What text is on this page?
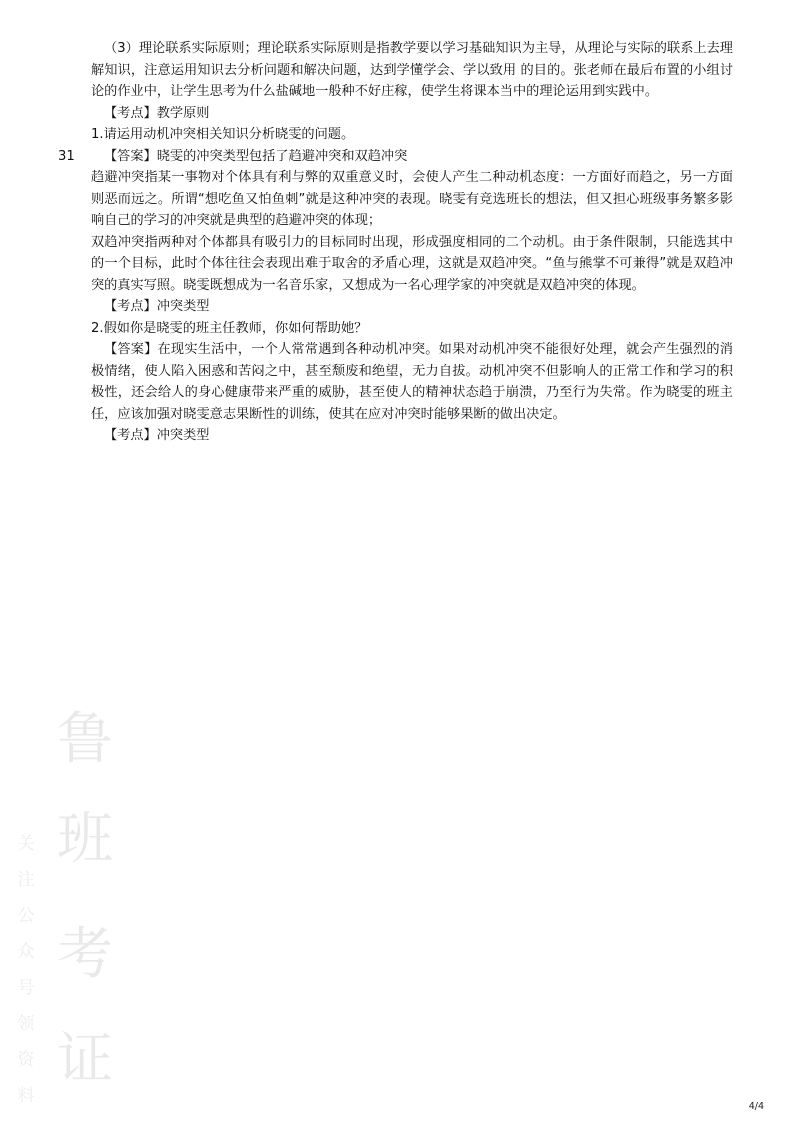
31

（3）理论联系实际原则；理论联系实际原则是指教学要以学习基础知识为主导，从理论与实际的联系上去理解知识，注意运用知识去分析问题和解决问题，达到学懂学会、学以致用 的目的。张老师在最后布置的小组讨论的作业中，让学生思考为什么盐碱地一般种不好庄稼，使学生将课本当中的理论运用到实践中。

【考点】教学原则

1.请运用动机冲突相关知识分析晓雯的问题。

【答案】晓雯的冲突类型包括了趋避冲突和双趋冲突

趋避冲突指某一事物对个体具有利与弊的双重意义时，会使人产生二种动机态度：一方面好而趋之，另一方面则恶而远之。所谓“想吃鱼又怕鱼刺”就是这种冲突的表现。晓雯有竞选班长的想法，但又担心班级事务繁多影响自己的学习的冲突就是典型的趋避冲突的体现；

双趋冲突指两种对个体都具有吸引力的目标同时出现，形成强度相同的二个动机。由于条件限制，只能选其中的一个目标，此时个体往往会表现出难于取舍的矛盾心理，这就是双趋冲突。“鱼与熊掌不可兼得”就是双趋冲突的真实写照。晓雯既想成为一名音乐家，又想成为一名心理学家的冲突就是双趋冲突的体现。

【考点】冲突类型

2.假如你是晓雯的班主任教师，你如何帮助她？

【答案】在现实生活中，一个人常常遇到各种动机冲突。如果对动机冲突不能很好处理，就会产生强烈的消极情绪，使人陷入困惑和苦闷之中，甚至颓废和绝望，无力自拔。动机冲突不但影响人的正常工作和学习的积极性，还会给人的身心健康带来严重的威胁，甚至使人的精神状态趋于崩溃，乃至行为失常。作为晓雯的班主任，应该加强对晓雯意志果断性的训练，使其在应对冲突时能够果断的做出决定。

【考点】冲突类型

鲁
班
考
证
关
注
公
众
号
领
资
料
4/4
